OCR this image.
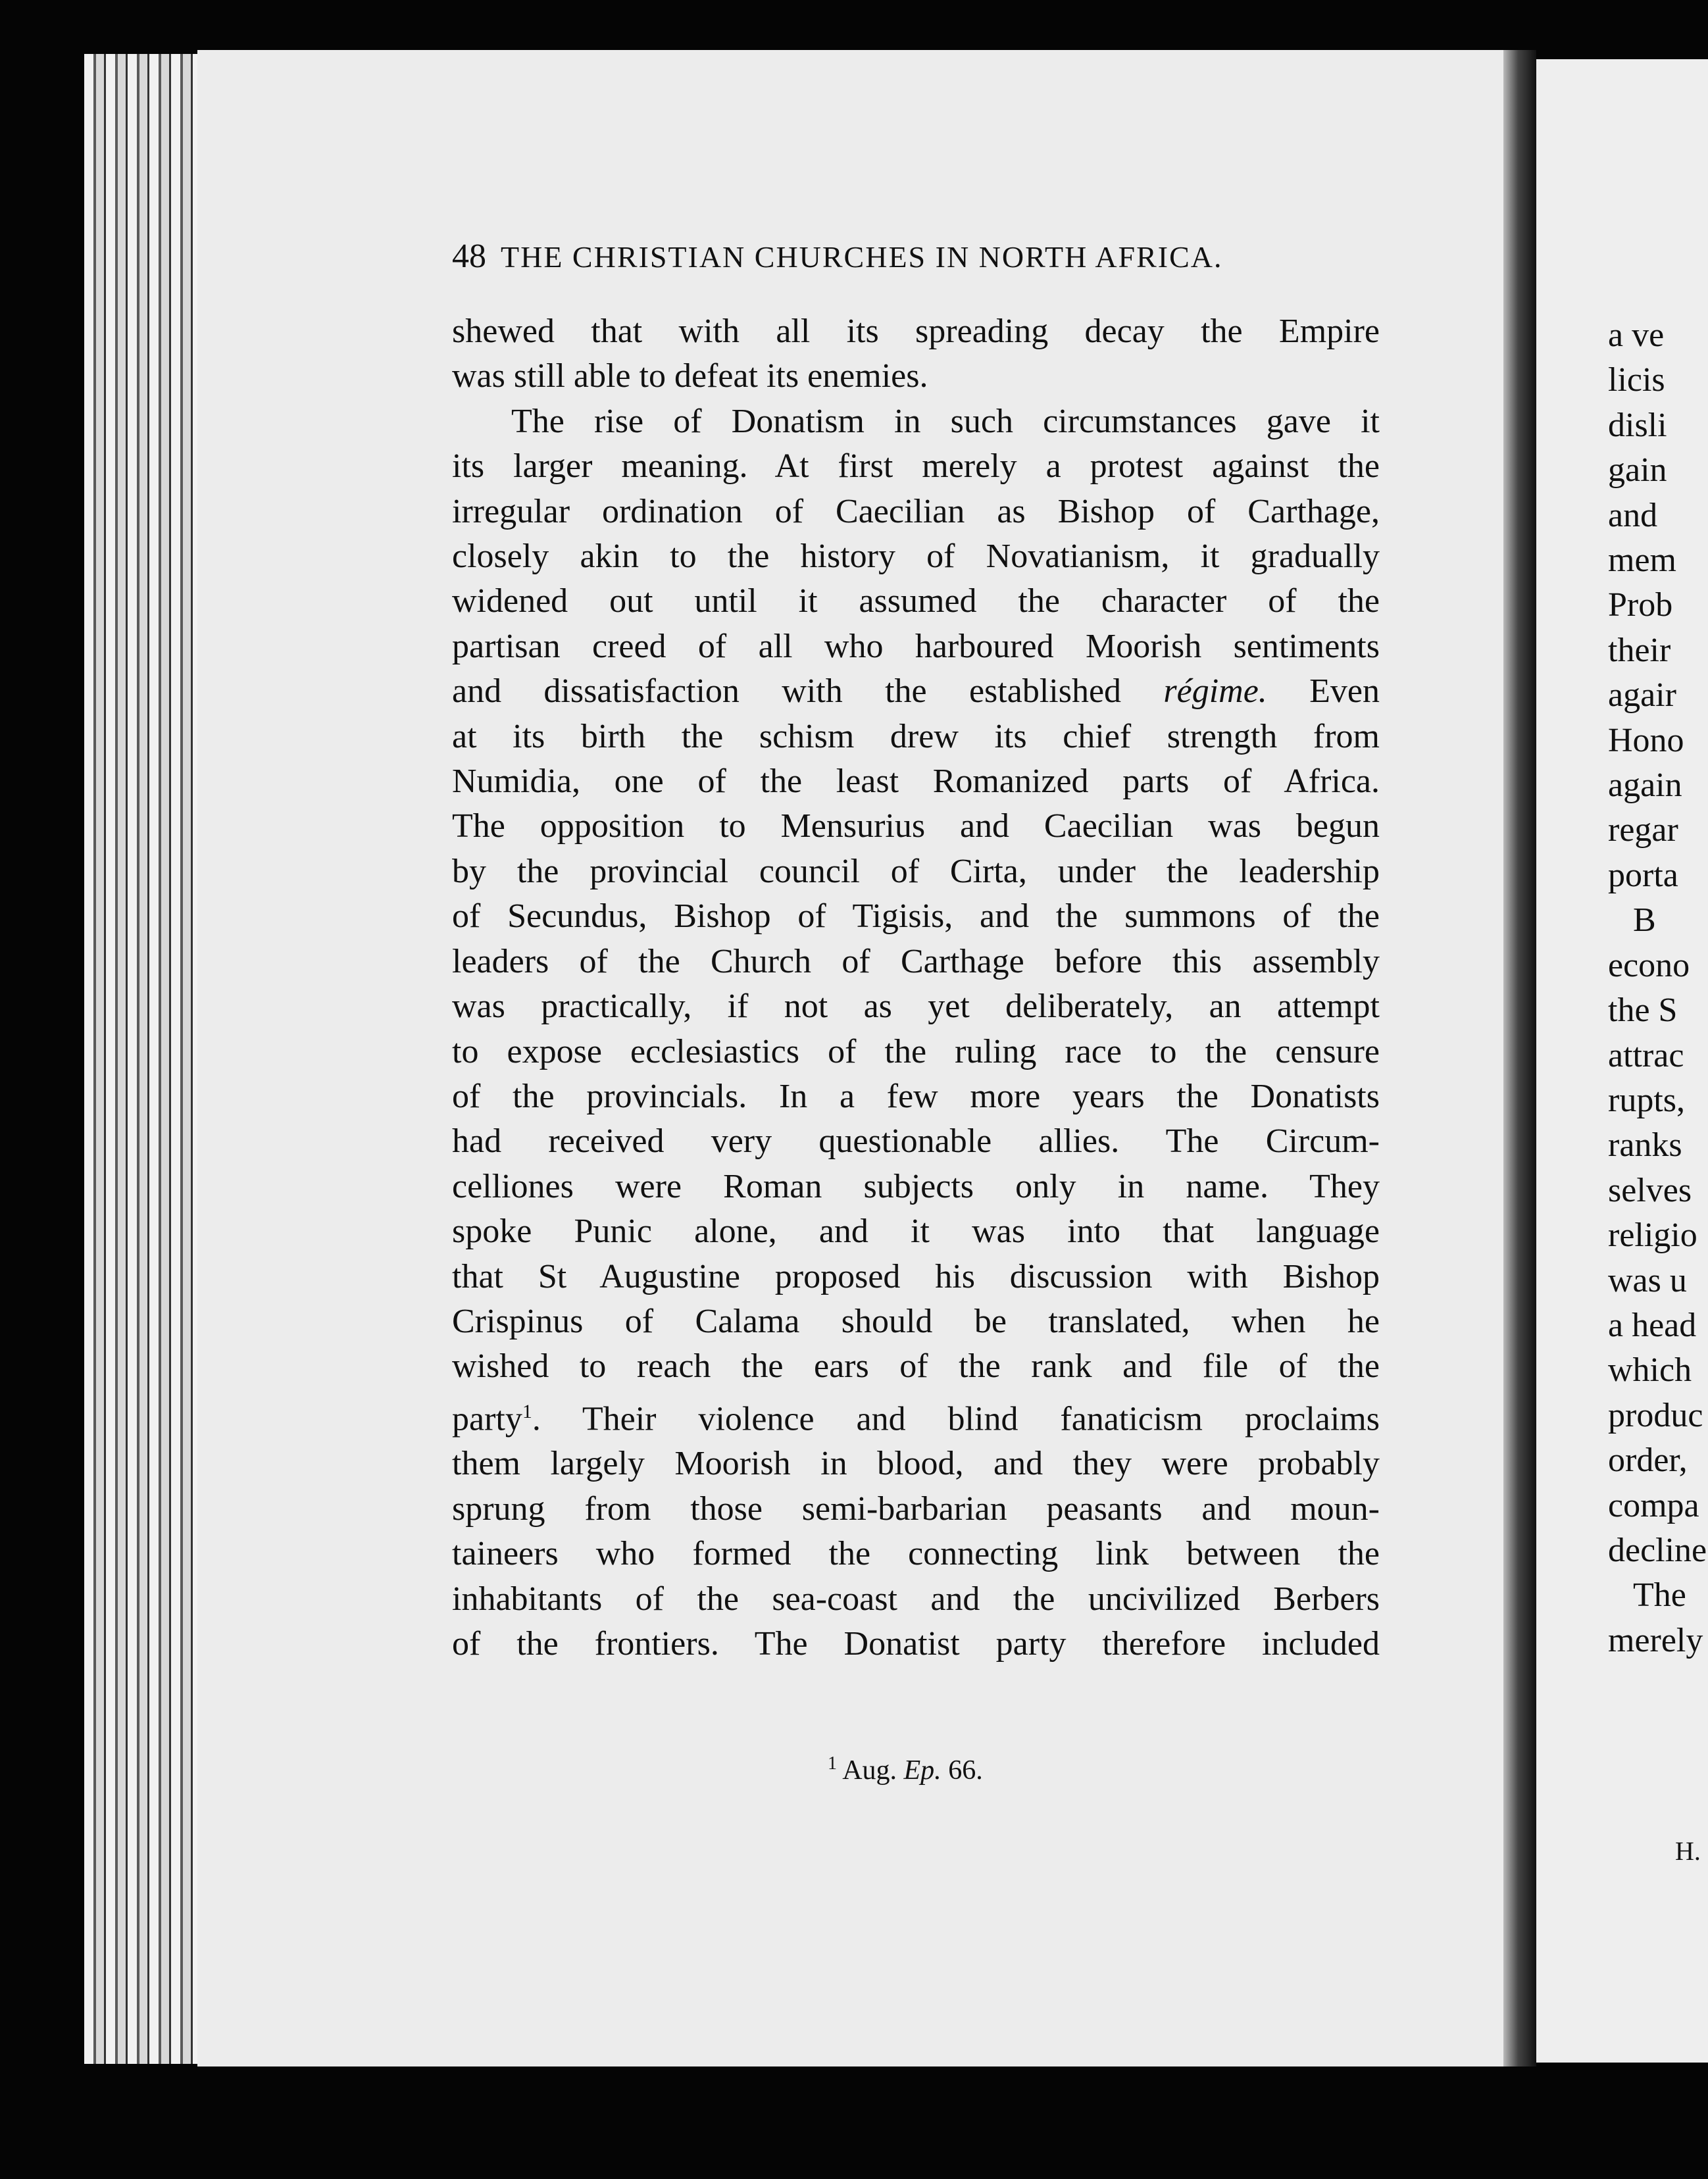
48 THE CHRISTIAN CHURCHES IN NORTH AFRICA.
shewed that with all its spreading decay the Empire
was still able to defeat its enemies.
The rise of Donatism in such circumstances gave it
its larger meaning. At first merely a protest against the
irregular ordination of Caecilian as Bishop of Carthage,
closely akin to the history of Novatianism, it gradually
widened out until it assumed the character of the
partisan creed of all who harboured Moorish sentiments
and dissatisfaction with the established régime. Even
at its birth the schism drew its chief strength from
Numidia, one of the least Romanized parts of Africa.
The opposition to Mensurius and Caecilian was begun
by the provincial council of Cirta, under the leadership
of Secundus, Bishop of Tigisis, and the summons of the
leaders of the Church of Carthage before this assembly
was practically, if not as yet deliberately, an attempt
to expose ecclesiastics of the ruling race to the censure
of the provincials. In a few more years the Donatists
had received very questionable allies. The Circum-
celliones were Roman subjects only in name. They
spoke Punic alone, and it was into that language
that St Augustine proposed his discussion with Bishop
Crispinus of Calama should be translated, when he
wished to reach the ears of the rank and file of the
party$^1$. Their violence and blind fanaticism proclaims
them largely Moorish in blood, and they were probably
sprung from those semi-barbarian peasants and moun-
taineers who formed the connecting link between the
inhabitants of the sea-coast and the uncivilized Berbers
of the frontiers. The Donatist party therefore included
$^1$ Aug. Ep. 66.
a ve
licis
disli
gain
and
mem
Prob
their
agair
Hono
again
regar
porta
B
econo
the S
attrac
rupts,
ranks
selves
religio
was u
a head
which
produc
order,
compa
decline
The
merely
H.
